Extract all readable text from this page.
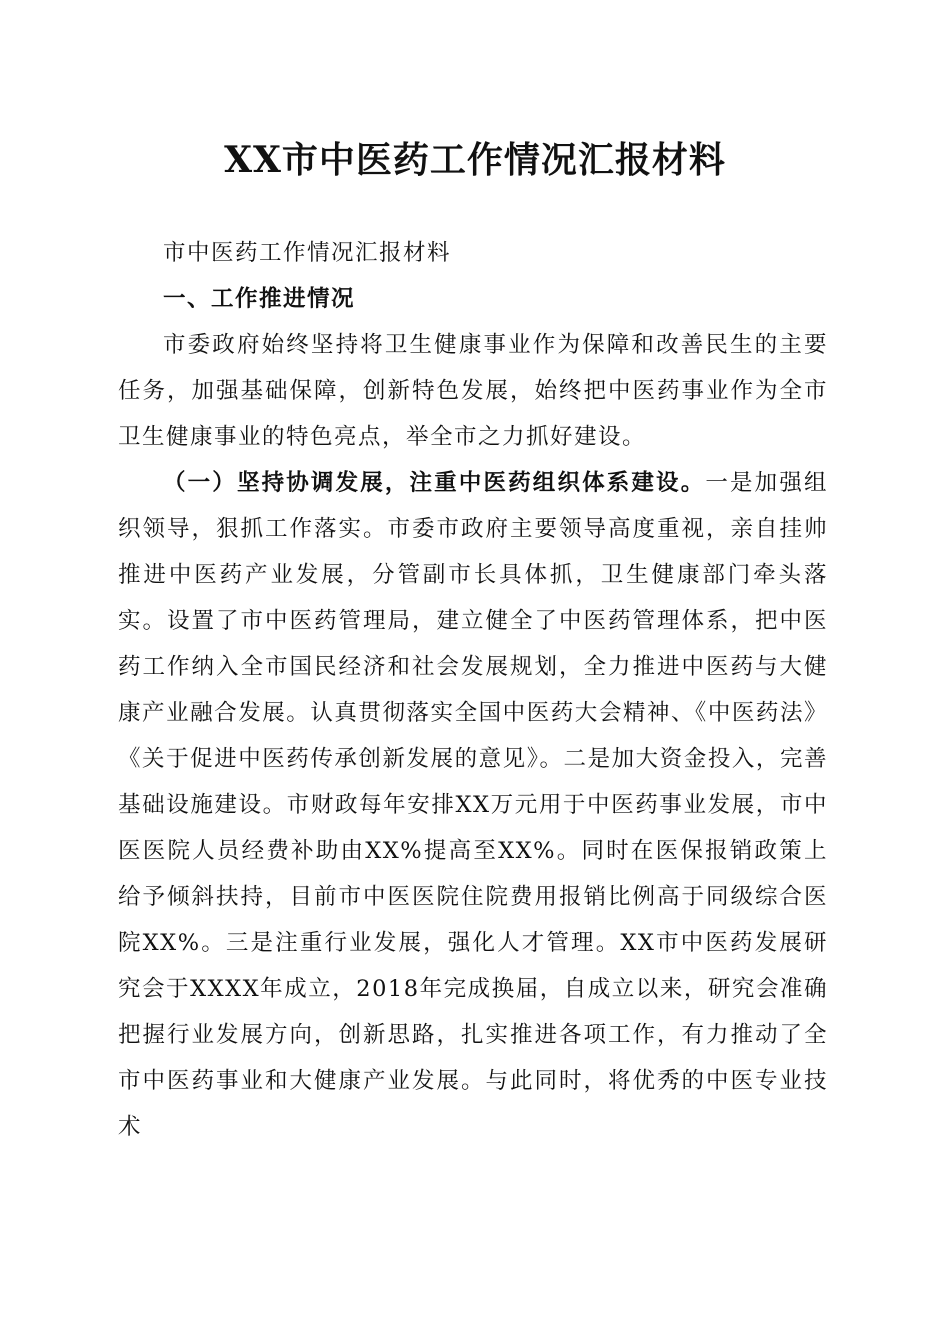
XX市中医药工作情况汇报材料

市中医药工作情况汇报材料

一、工作推进情况

市委政府始终坚持将卫生健康事业作为保障和改善民生的主要任务，加强基础保障，创新特色发展，始终把中医药事业作为全市卫生健康事业的特色亮点，举全市之力抓好建设。

（一）坚持协调发展，注重中医药组织体系建设。一是加强组织领导，狠抓工作落实。市委市政府主要领导高度重视，亲自挂帅推进中医药产业发展，分管副市长具体抓，卫生健康部门牵头落实。设置了市中医药管理局，建立健全了中医药管理体系，把中医药工作纳入全市国民经济和社会发展规划，全力推进中医药与大健康产业融合发展。认真贯彻落实全国中医药大会精神、《中医药法》《关于促进中医药传承创新发展的意见》。二是加大资金投入，完善基础设施建设。市财政每年安排XX万元用于中医药事业发展，市中医医院人员经费补助由XX%提高至XX%。同时在医保报销政策上给予倾斜扶持，目前市中医医院住院费用报销比例高于同级综合医院XX%。三是注重行业发展，强化人才管理。XX市中医药发展研究会于XXXX年成立，2018年完成换届，自成立以来，研究会准确把握行业发展方向，创新思路，扎实推进各项工作，有力推动了全市中医药事业和大健康产业发展。与此同时，将优秀的中医专业技术
